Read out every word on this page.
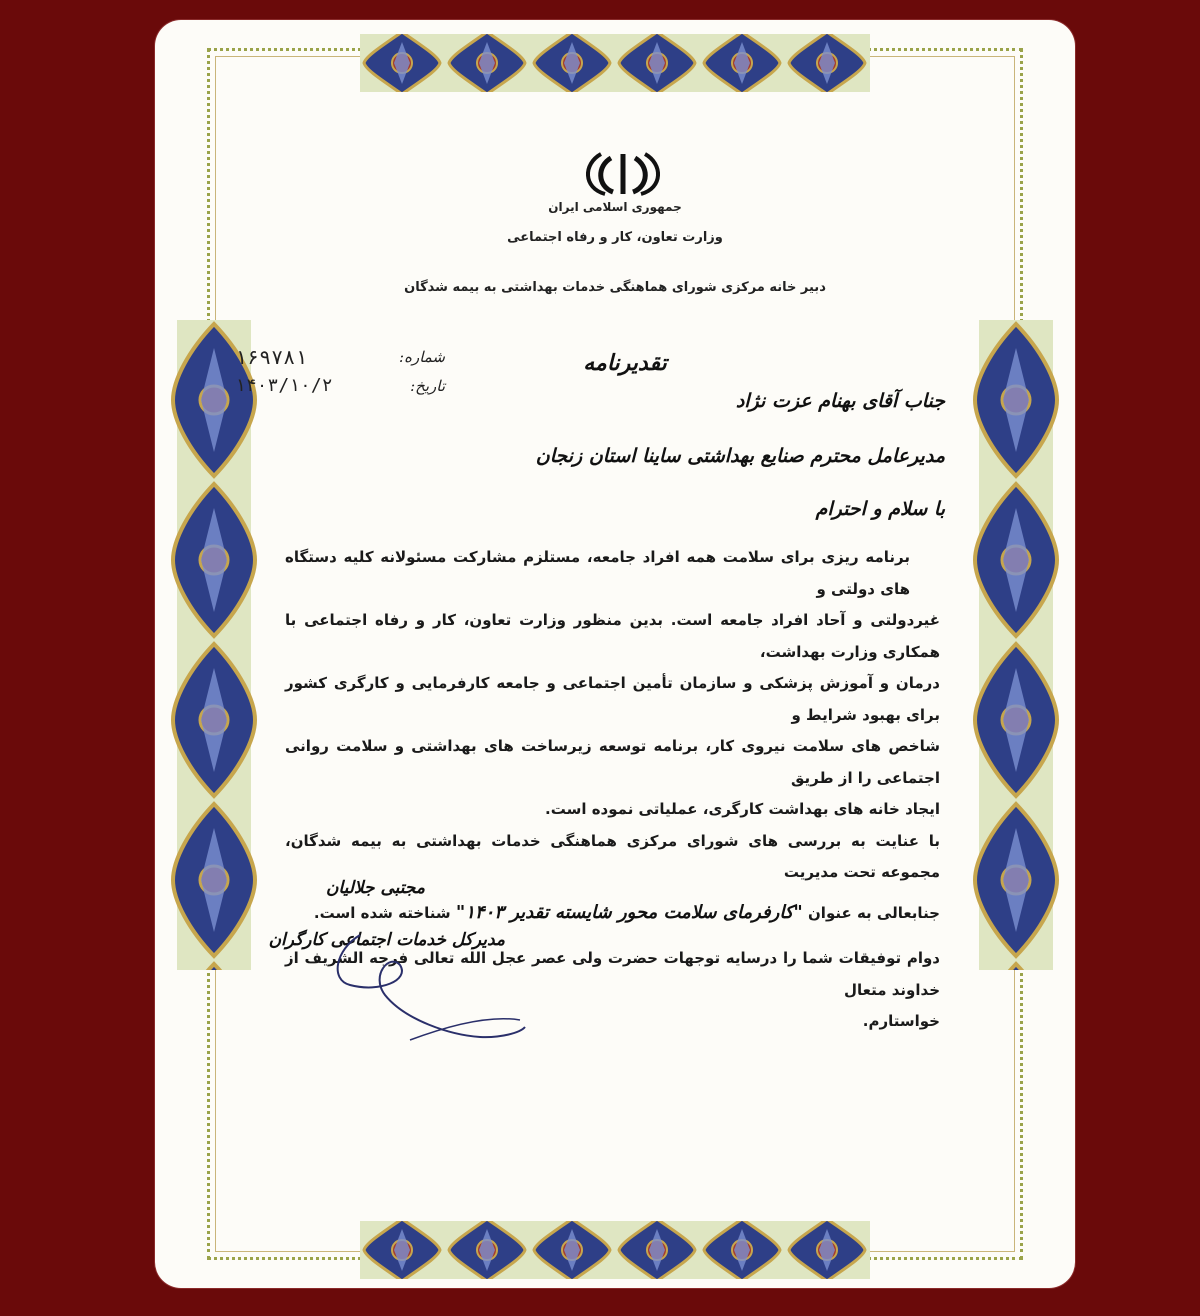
جمهوری اسلامی ایران
وزارت تعاون، کار و رفاه اجتماعی
دبیر خانه مرکزی شورای هماهنگی خدمات بهداشتی به بیمه شدگان
تقدیرنامه
شماره:
۱۶۹۷۸۱
تاریخ:
۱۴۰۳/۱۰/۲
جناب آقای بهنام عزت نژاد
مدیرعامل محترم صنایع بهداشتی ساینا استان زنجان
با سلام و احترام
برنامه ریزی برای سلامت همه افراد جامعه، مستلزم مشارکت مسئولانه کلیه دستگاه های دولتی و
غیردولتی و آحاد افراد جامعه است. بدین منظور وزارت تعاون، کار و رفاه اجتماعی با همکاری وزارت بهداشت،
درمان و آموزش پزشکی و سازمان تأمین اجتماعی و جامعه کارفرمایی و کارگری کشور برای بهبود شرایط و
شاخص های سلامت نیروی کار، برنامه توسعه زیرساخت های بهداشتی و سلامت روانی اجتماعی را از طریق
ایجاد خانه های بهداشت کارگری، عملیاتی نموده است.
با عنایت به بررسی های شورای مرکزی هماهنگی خدمات بهداشتی به بیمه شدگان، مجموعه تحت مدیریت
جنابعالی به عنوان "کارفرمای سلامت محور شایسته تقدیر ۱۴۰۳" شناخته شده است.
دوام توفیقات شما را درسایه توجهات حضرت ولی عصر عجل الله تعالی فرجه الشریف از خداوند متعال
خواستارم.
مجتبی جلالیان
مدیرکل خدمات اجتماعی کارگران
